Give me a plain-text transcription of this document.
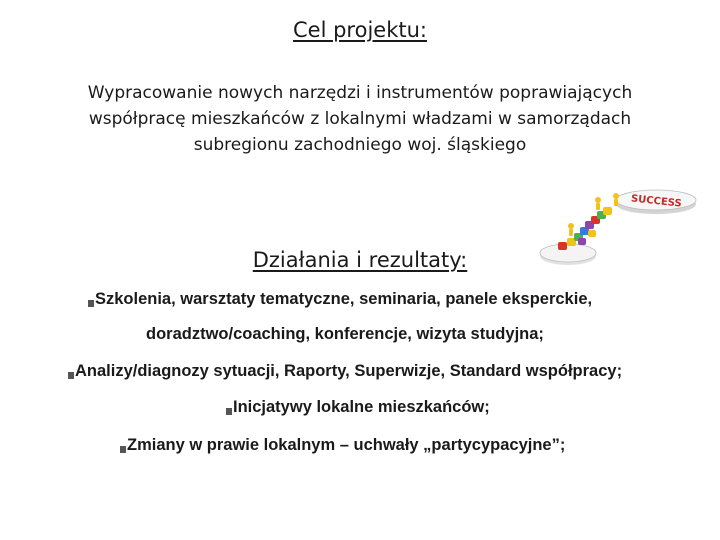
Cel projektu:
Wypracowanie nowych narzędzi i instrumentów poprawiających
współpracę mieszkańców z lokalnymi władzami w samorządach
subregionu zachodniego woj. śląskiego
SUCCESS
Działania i rezultaty:
Szkolenia, warsztaty tematyczne, seminaria, panele eksperckie,
doradztwo/coaching, konferencje, wizyta studyjna;
Analizy/diagnozy sytuacji, Raporty, Superwizje, Standard współpracy;
Inicjatywy lokalne mieszkańców;
Zmiany w prawie lokalnym – uchwały „partycypacyjne”;
